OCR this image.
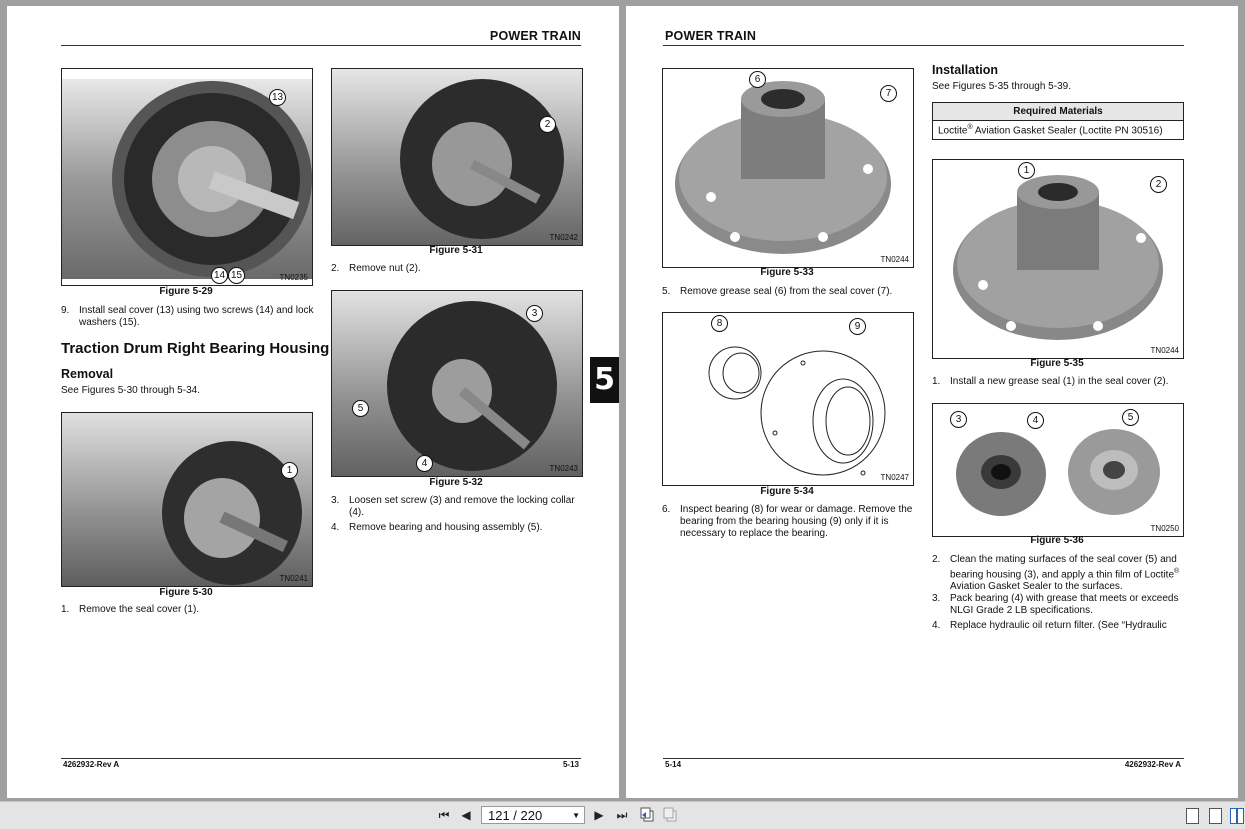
POWER TRAIN
13
14 15	TN0235
Figure 5-29
9. Install seal cover (13) using two screws (14) and lock washers (15).
Traction Drum Right Bearing Housing
Removal
See Figures 5-30 through 5-34.
1
TN0241
Figure 5-30
1. Remove the seal cover (1).
2
TN0242
Figure 5-31
2. Remove nut (2).
3
5
4	TN0243
Figure 5-32
3. Loosen set screw (3) and remove the locking collar (4).
4. Remove bearing and housing assembly (5).
4262932-Rev A	5-13
5
POWER TRAIN
6
7
TN0244
Figure 5-33
5. Remove grease seal (6) from the seal cover (7).
8	9
TN0247
Figure 5-34
6. Inspect bearing (8) for wear or damage. Remove the bearing from the bearing housing (9) only if it is necessary to replace the bearing.
Installation
See Figures 5-35 through 5-39.
Required Materials
Loctite® Aviation Gasket Sealer (Loctite PN 30516)
1
2
TN0244
Figure 5-35
1. Install a new grease seal (1) in the seal cover (2).
3	4	5
TN0250
Figure 5-36
2. Clean the mating surfaces of the seal cover (5) and bearing housing (3), and apply a thin film of Loctite® Aviation Gasket Sealer to the surfaces.
3. Pack bearing (4) with grease that meets or exceeds NLGI Grade 2 LB specifications.
4. Replace hydraulic oil return filter. (See “Hydraulic
5-14	4262932-Rev A
⏮ ◀	121 / 220	▼ ▶ ⏭
